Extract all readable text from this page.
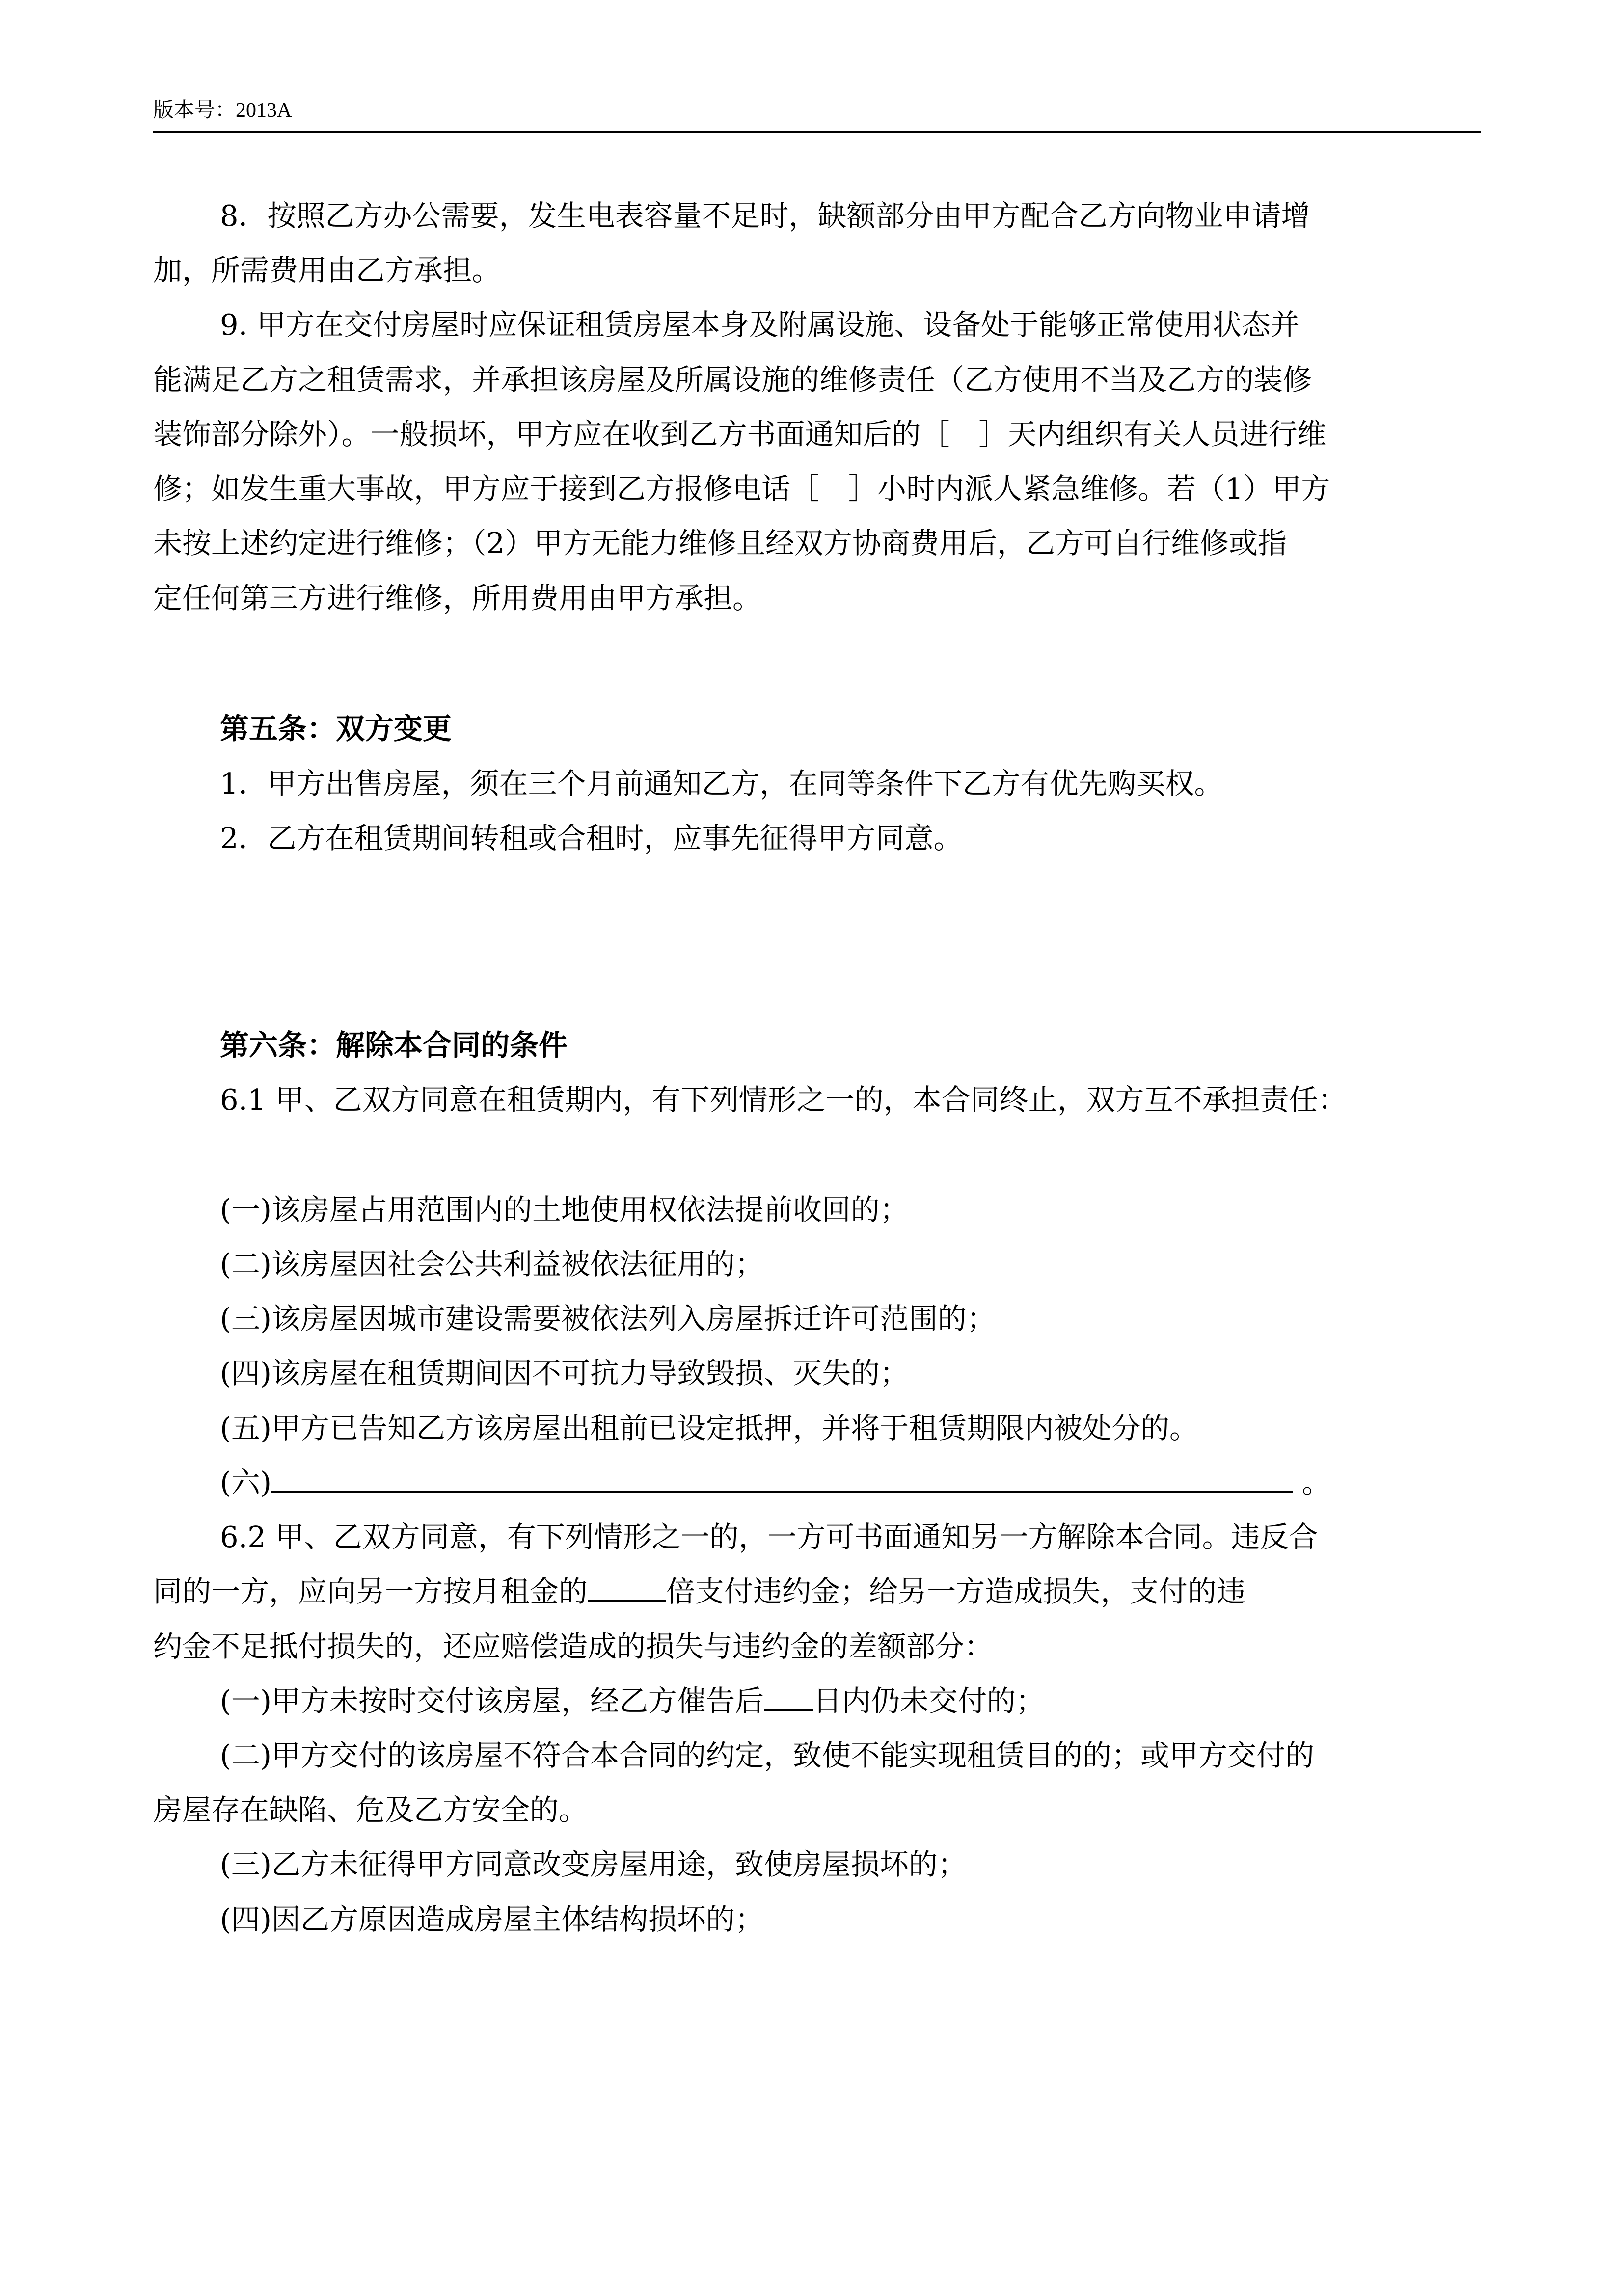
版本号：2013A
8．按照乙方办公需要，发生电表容量不足时，缺额部分由甲方配合乙方向物业申请增
加，所需费用由乙方承担。
9. 甲方在交付房屋时应保证租赁房屋本身及附属设施、设备处于能够正常使用状态并
能满足乙方之租赁需求，并承担该房屋及所属设施的维修责任（乙方使用不当及乙方的装修
装饰部分除外）。一般损坏，甲方应在收到乙方书面通知后的［　］天内组织有关人员进行维
修；如发生重大事故，甲方应于接到乙方报修电话［　］小时内派人紧急维修。若（1）甲方
未按上述约定进行维修；（2）甲方无能力维修且经双方协商费用后，乙方可自行维修或指
定任何第三方进行维修，所用费用由甲方承担。
第五条：双方变更
1．甲方出售房屋，须在三个月前通知乙方，在同等条件下乙方有优先购买权。
2．乙方在租赁期间转租或合租时，应事先征得甲方同意。
第六条：解除本合同的条件
6.1 甲、乙双方同意在租赁期内，有下列情形之一的，本合同终止，双方互不承担责任：
(一)该房屋占用范围内的土地使用权依法提前收回的；
(二)该房屋因社会公共利益被依法征用的；
(三)该房屋因城市建设需要被依法列入房屋拆迁许可范围的；
(四)该房屋在租赁期间因不可抗力导致毁损、灭失的；
(五)甲方已告知乙方该房屋出租前已设定抵押，并将于租赁期限内被处分的。
(六)	。
6.2 甲、乙双方同意，有下列情形之一的，一方可书面通知另一方解除本合同。违反合
同的一方，应向另一方按月租金的	倍支付违约金；给另一方造成损失，支付的违
约金不足抵付损失的，还应赔偿造成的损失与违约金的差额部分：
(一)甲方未按时交付该房屋，经乙方催告后 日内仍未交付的；
(二)甲方交付的该房屋不符合本合同的约定，致使不能实现租赁目的的；或甲方交付的
房屋存在缺陷、危及乙方安全的。
(三)乙方未征得甲方同意改变房屋用途，致使房屋损坏的；
(四)因乙方原因造成房屋主体结构损坏的；
